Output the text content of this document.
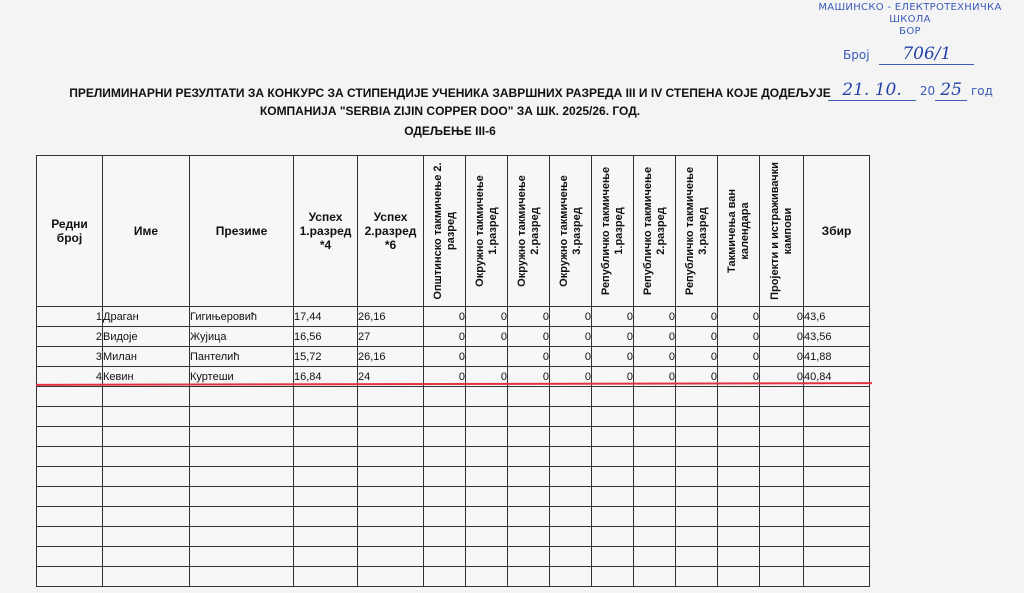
МАШИНСКО - ЕЛЕКТРОТЕХНИЧКА ШКОЛА
БОР
Број 706/1
21. 10. 20 25 год
ПРЕЛИМИНАРНИ РЕЗУЛТАТИ ЗА КОНКУРС ЗА СТИПЕНДИЈЕ УЧЕНИКА ЗАВРШНИХ РАЗРЕДА III И IV СТЕПЕНА КОЈЕ ДОДЕЉУЈЕ
КОМПАНИЈА "SERBIA ZIJIN COPPER DOO" ЗА ШК. 2025/26. ГОД.
ОДЕЉЕЊЕ III-6
Редни број	Име	Презиме	Успех 1.разред *4	Успех 2.разред *6	Општинско такмичење 2. разред	Окружно такмичење 1.разред	Окружно такмичење 2.разред	Окружно такмичење 3.разред	Републичко такмичење 1.разред	Републичко такмичење 2.разред	Републичко такмичење 3.разред	Такмичења ван календара	Пројекти и истраживачки кампови	Збир
1	Драган	Гигињеровић	17,44	26,16	0	0	0	0	0	0	0	0	0	43,6
2	Видоје	Жујица	16,56	27	0	0	0	0	0	0	0	0	0	43,56
3	Милан	Пантелић	15,72	26,16	0		0	0	0	0	0	0	0	41,88
4	Кевин	Куртеши	16,84	24	0	0	0	0	0	0	0	0	0	40,84
